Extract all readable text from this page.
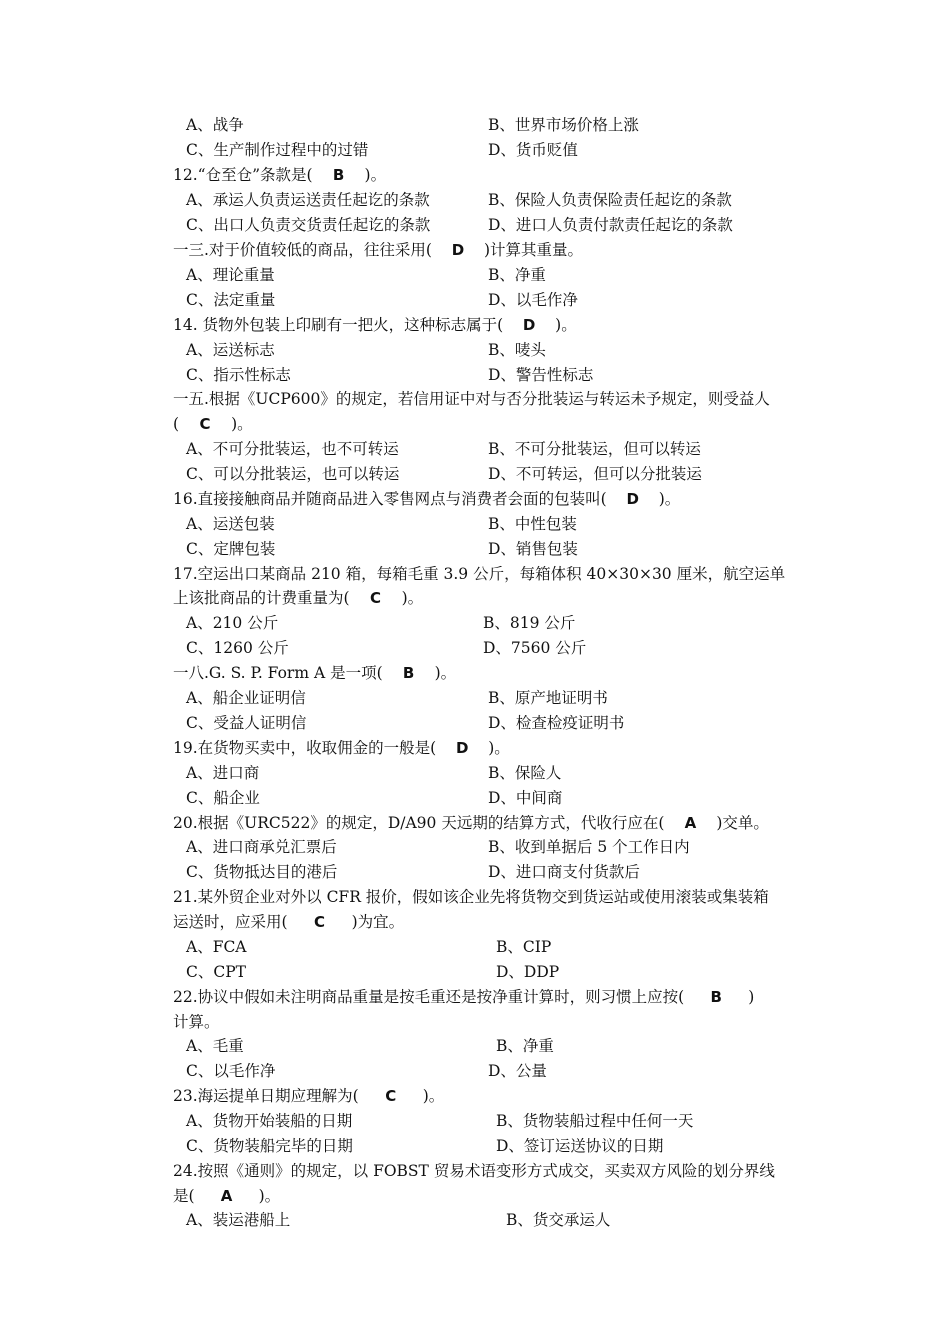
A、战争	B、世界市场价格上涨
C、生产制作过程中的过错	D、货币贬值
12.“仓至仓”条款是( B )。
A、承运人负责运送责任起讫的条款	B、保险人负责保险责任起讫的条款
C、出口人负责交货责任起讫的条款	D、进口人负责付款责任起讫的条款
一三.对于价值较低的商品，往往采用( D )计算其重量。
A、理论重量	B、净重
C、法定重量	D、以毛作净
14. 货物外包装上印刷有一把火，这种标志属于( D )。
A、运送标志	B、唛头
C、指示性标志	D、警告性标志
一五.根据《UCP600》的规定，若信用证中对与否分批装运与转运未予规定，则受益人
( C )。
A、不可分批装运，也不可转运	B、不可分批装运，但可以转运
C、可以分批装运，也可以转运	D、不可转运，但可以分批装运
16.直接接触商品并随商品进入零售网点与消费者会面的包装叫( D )。
A、运送包装	B、中性包装
C、定牌包装	D、销售包装
17.空运出口某商品 210 箱，每箱毛重 3.9 公斤，每箱体积 40×30×30 厘米，航空运单
上该批商品的计费重量为( C )。
A、210 公斤	B、819 公斤
C、1260 公斤	D、7560 公斤
一八.G. S. P. Form A 是一项( B )。
A、船企业证明信	B、原产地证明书
C、受益人证明信	D、检查检疫证明书
19.在货物买卖中，收取佣金的一般是( D )。
A、进口商	B、保险人
C、船企业	D、中间商
20.根据《URC522》的规定，D/A90 天远期的结算方式，代收行应在( A )交单。
A、进口商承兑汇票后	B、收到单据后 5 个工作日内
C、货物抵达目的港后	D、进口商支付货款后
21.某外贸企业对外以 CFR 报价，假如该企业先将货物交到货运站或使用滚装或集装箱
运送时，应采用( C )为宜。
A、FCA	B、CIP
C、CPT	D、DDP
22.协议中假如未注明商品重量是按毛重还是按净重计算时，则习惯上应按( B )
计算。
A、毛重	B、净重
C、以毛作净	D、公量
23.海运提单日期应理解为( C )。
A、货物开始装船的日期	B、货物装船过程中任何一天
C、货物装船完毕的日期	D、签订运送协议的日期
24.按照《通则》的规定，以 FOBST 贸易术语变形方式成交，买卖双方风险的划分界线
是( A )。
A、装运港船上	B、货交承运人
